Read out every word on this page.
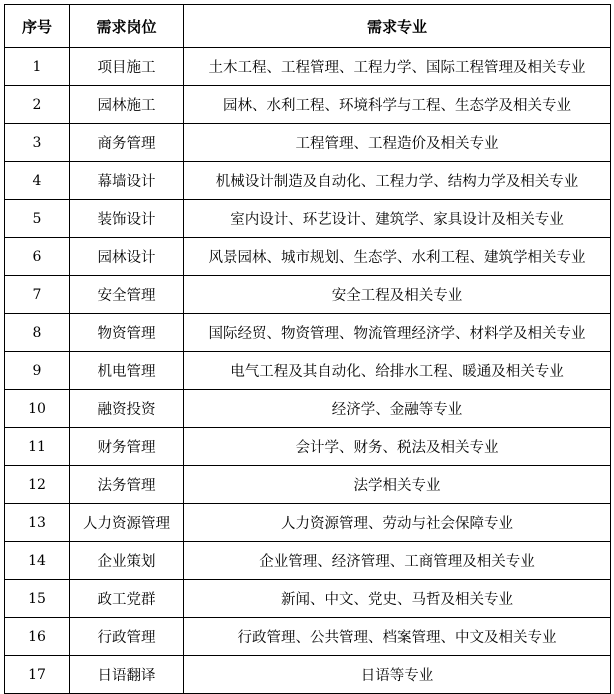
序号	需求岗位	需求专业
1	项目施工	土木工程、工程管理、工程力学、国际工程管理及相关专业
2	园林施工	园林、水利工程、环境科学与工程、生态学及相关专业
3	商务管理	工程管理、工程造价及相关专业
4	幕墙设计	机械设计制造及自动化、工程力学、结构力学及相关专业
5	装饰设计	室内设计、环艺设计、建筑学、家具设计及相关专业
6	园林设计	风景园林、城市规划、生态学、水利工程、建筑学相关专业
7	安全管理	安全工程及相关专业
8	物资管理	国际经贸、物资管理、物流管理经济学、材料学及相关专业
9	机电管理	电气工程及其自动化、给排水工程、暖通及相关专业
10	融资投资	经济学、金融等专业
11	财务管理	会计学、财务、税法及相关专业
12	法务管理	法学相关专业
13	人力资源管理	人力资源管理、劳动与社会保障专业
14	企业策划	企业管理、经济管理、工商管理及相关专业
15	政工党群	新闻、中文、党史、马哲及相关专业
16	行政管理	行政管理、公共管理、档案管理、中文及相关专业
17	日语翻译	日语等专业
